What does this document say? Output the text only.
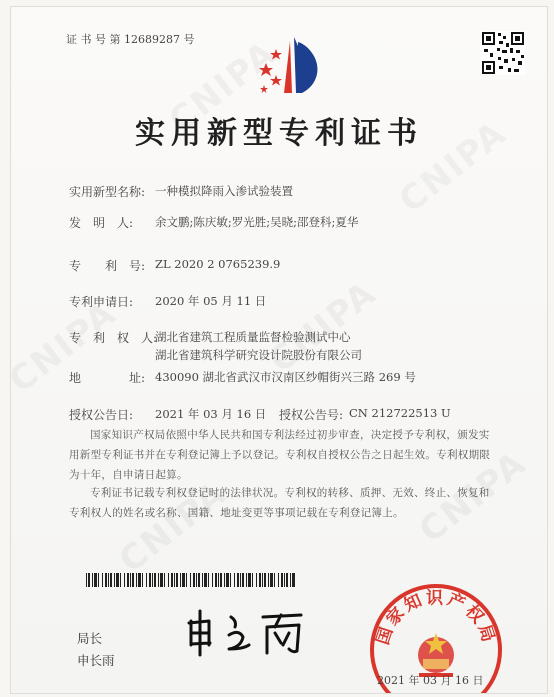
证 书 号 第 12689287 号
实用新型专利证书
实用新型名称: 一种模拟降雨入渗试验装置
发　明　人: 余文鹏;陈庆敏;罗光胜;吴晓;邵登科;夏华
专　　利　号: ZL 2020 2 0765239.9
专利申请日: 2020 年 05 月 11 日
专　利　权　人:
湖北省建筑工程质量监督检验测试中心
湖北省建筑科学研究设计院股份有限公司
地　　　　址: 430090 湖北省武汉市汉南区纱帽街兴三路 269 号
授权公告日: 2021 年 03 月 16 日 授权公告号: CN 212722513 U
国家知识产权局依照中华人民共和国专利法经过初步审查，决定授予专利权，颁发实用新型专利证书并在专利登记簿上予以登记。专利权自授权公告之日起生效。专利权期限为十年，自申请日起算。
专利证书记载专利权登记时的法律状况。专利权的转移、质押、无效、终止、恢复和专利权人的姓名或名称、国籍、地址变更等事项记载在专利登记簿上。
局长
申长雨
国家知识产权局
2021 年 03 月 16 日
